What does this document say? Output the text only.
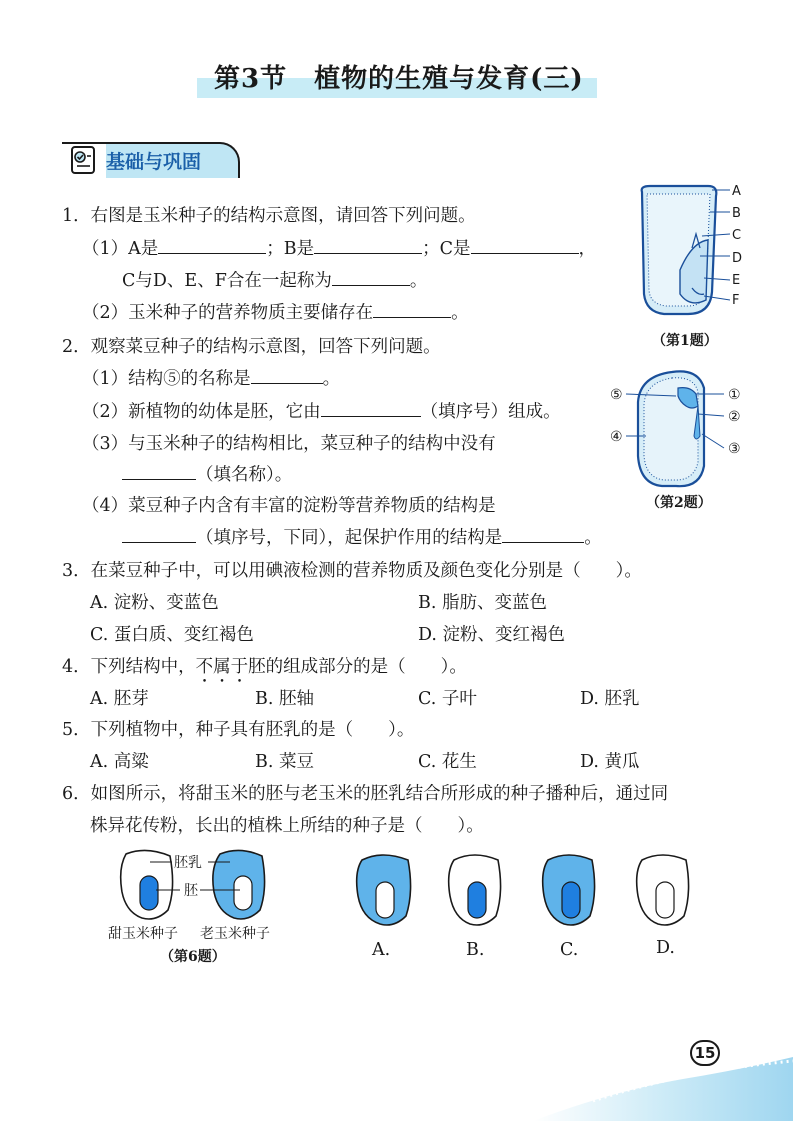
第3节　植物的生殖与发育(三)
基础与巩固
1．右图是玉米种子的结构示意图，请回答下列问题。
（1）A是	；B是	；C是	，
C与D、E、F合在一起称为	。
（2）玉米种子的营养物质主要储存在	。
A
B
C
D
E
F
（第1题）
2．观察菜豆种子的结构示意图，回答下列问题。
（1）结构⑤的名称是	。
（2）新植物的幼体是胚，它由	（填序号）组成。
（3）与玉米种子的结构相比，菜豆种子的结构中没有
（填名称）。
（4）菜豆种子内含有丰富的淀粉等营养物质的结构是
（填序号，下同），起保护作用的结构是	。
⑤	①
②
④
③
（第2题）
3．在菜豆种子中，可以用碘液检测的营养物质及颜色变化分别是（　　）。
A. 淀粉、变蓝色	B. 脂肪、变蓝色
C. 蛋白质、变红褐色	D. 淀粉、变红褐色
4．下列结构中，不属于胚的组成部分的是（　　）。
A. 胚芽	B. 胚轴	C. 子叶	D. 胚乳
5．下列植物中，种子具有胚乳的是（　　）。
A. 高粱	B. 菜豆	C. 花生	D. 黄瓜
6．如图所示，将甜玉米的胚与老玉米的胚乳结合所形成的种子播种后，通过同
株异花传粉，长出的植株上所结的种子是（　　）。
胚乳
胚
甜玉米种子 老玉米种子
（第6题）	A.	B.	C.	D.
15
